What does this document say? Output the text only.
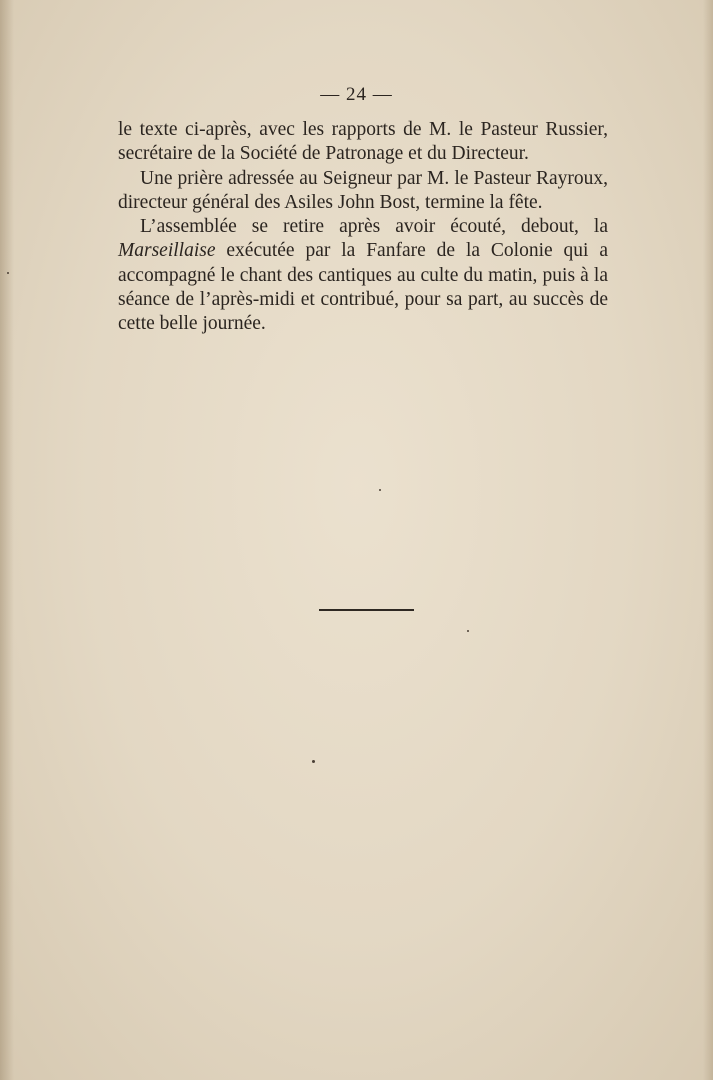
— 24 —

le texte ci-après, avec les rapports de M. le Pasteur Russier, secrétaire de la Société de Patronage et du Directeur.

Une prière adressée au Seigneur par M. le Pasteur Rayroux, directeur général des Asiles John Bost, termine la fête.

L’assemblée se retire après avoir écouté, debout, la Marseillaise exécutée par la Fanfare de la Colonie qui a accompagné le chant des cantiques au culte du matin, puis à la séance de l’après-midi et contribué, pour sa part, au succès de cette belle journée.
